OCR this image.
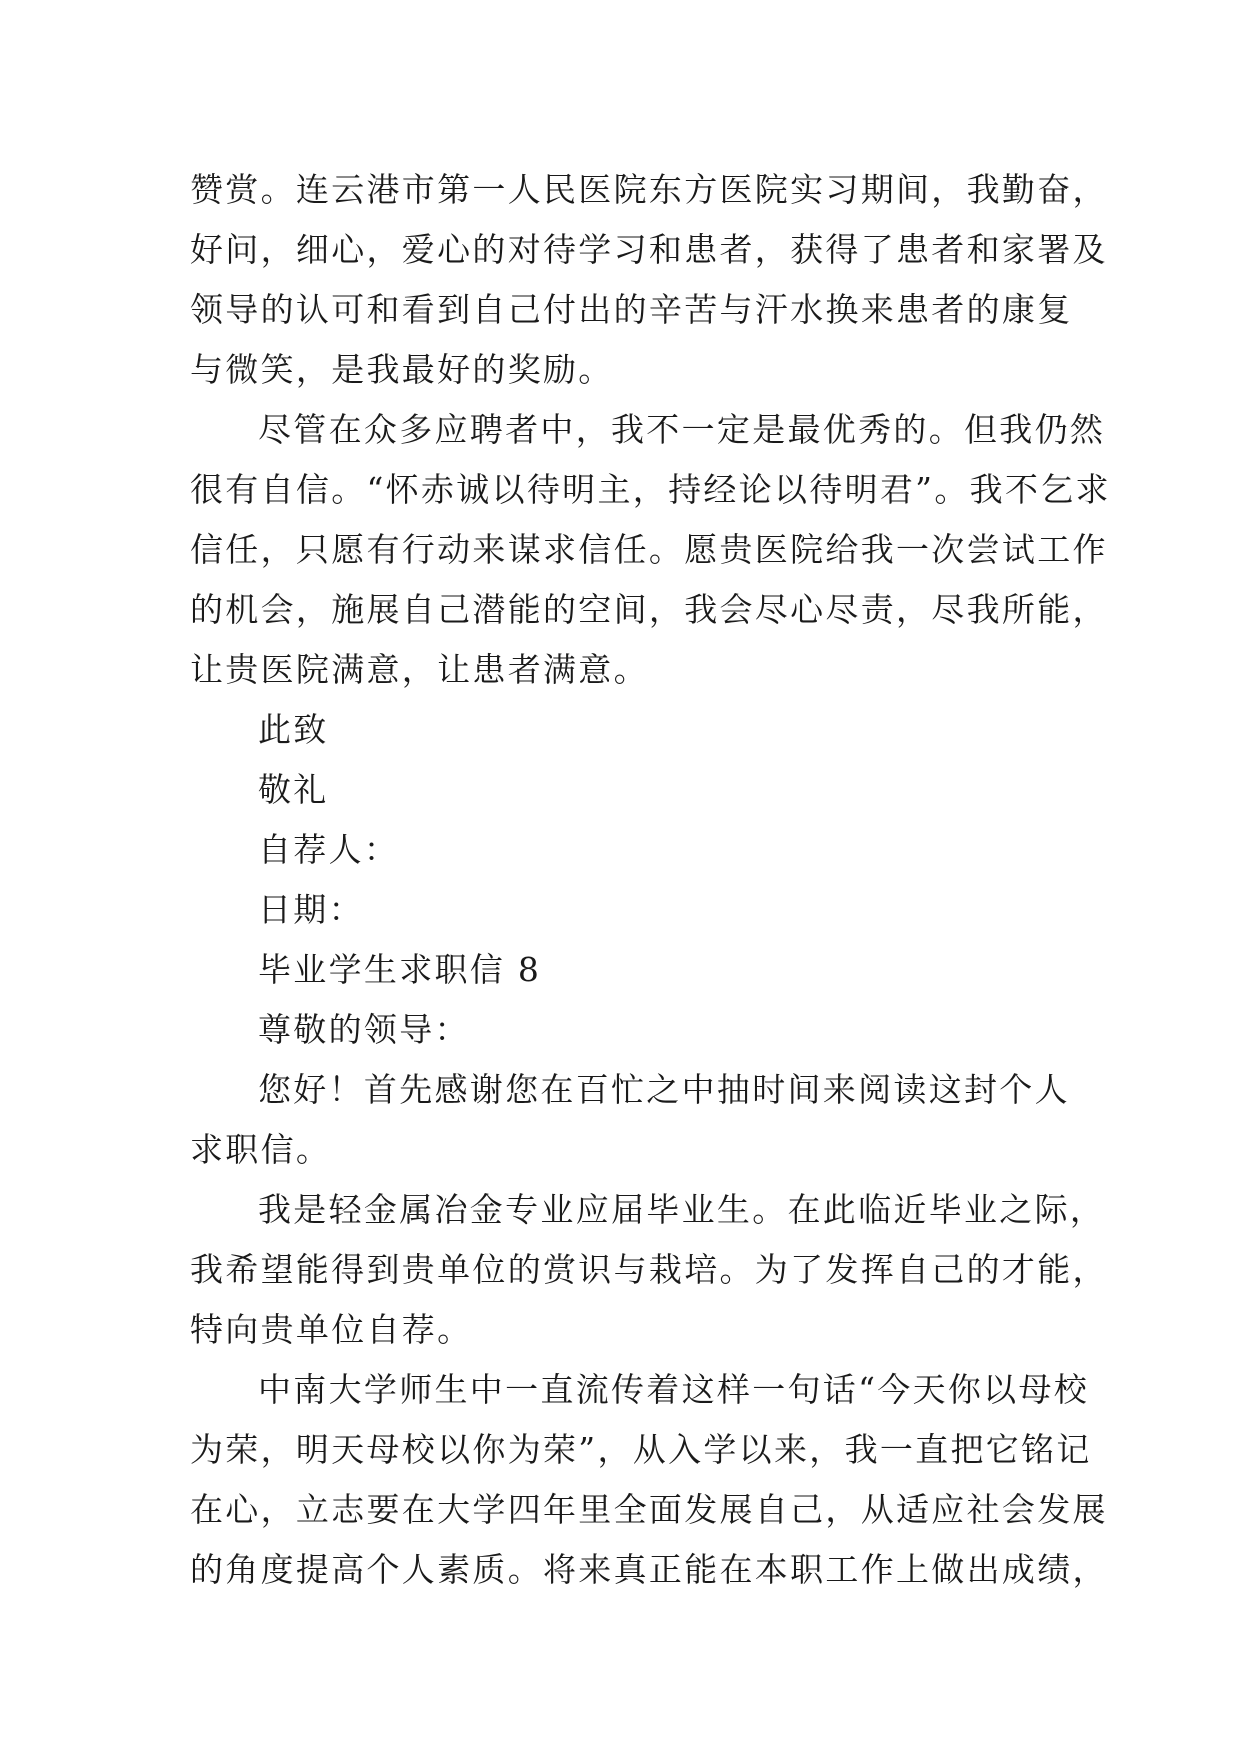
赞赏。连云港市第一人民医院东方医院实习期间，我勤奋，
好问，细心，爱心的对待学习和患者，获得了患者和家署及
领导的认可和看到自己付出的辛苦与汗水换来患者的康复
与微笑，是我最好的奖励。
尽管在众多应聘者中，我不一定是最优秀的。但我仍然
很有自信。“怀赤诚以待明主，持经论以待明君”。我不乞求
信任，只愿有行动来谋求信任。愿贵医院给我一次尝试工作
的机会，施展自己潜能的空间，我会尽心尽责，尽我所能，
让贵医院满意，让患者满意。
此致
敬礼
自荐人：
日期：
毕业学生求职信 8
尊敬的领导：
您好！首先感谢您在百忙之中抽时间来阅读这封个人
求职信。
我是轻金属冶金专业应届毕业生。在此临近毕业之际，
我希望能得到贵单位的赏识与栽培。为了发挥自己的才能，
特向贵单位自荐。
中南大学师生中一直流传着这样一句话“今天你以母校
为荣，明天母校以你为荣”，从入学以来，我一直把它铭记
在心，立志要在大学四年里全面发展自己，从适应社会发展
的角度提高个人素质。将来真正能在本职工作上做出成绩，
